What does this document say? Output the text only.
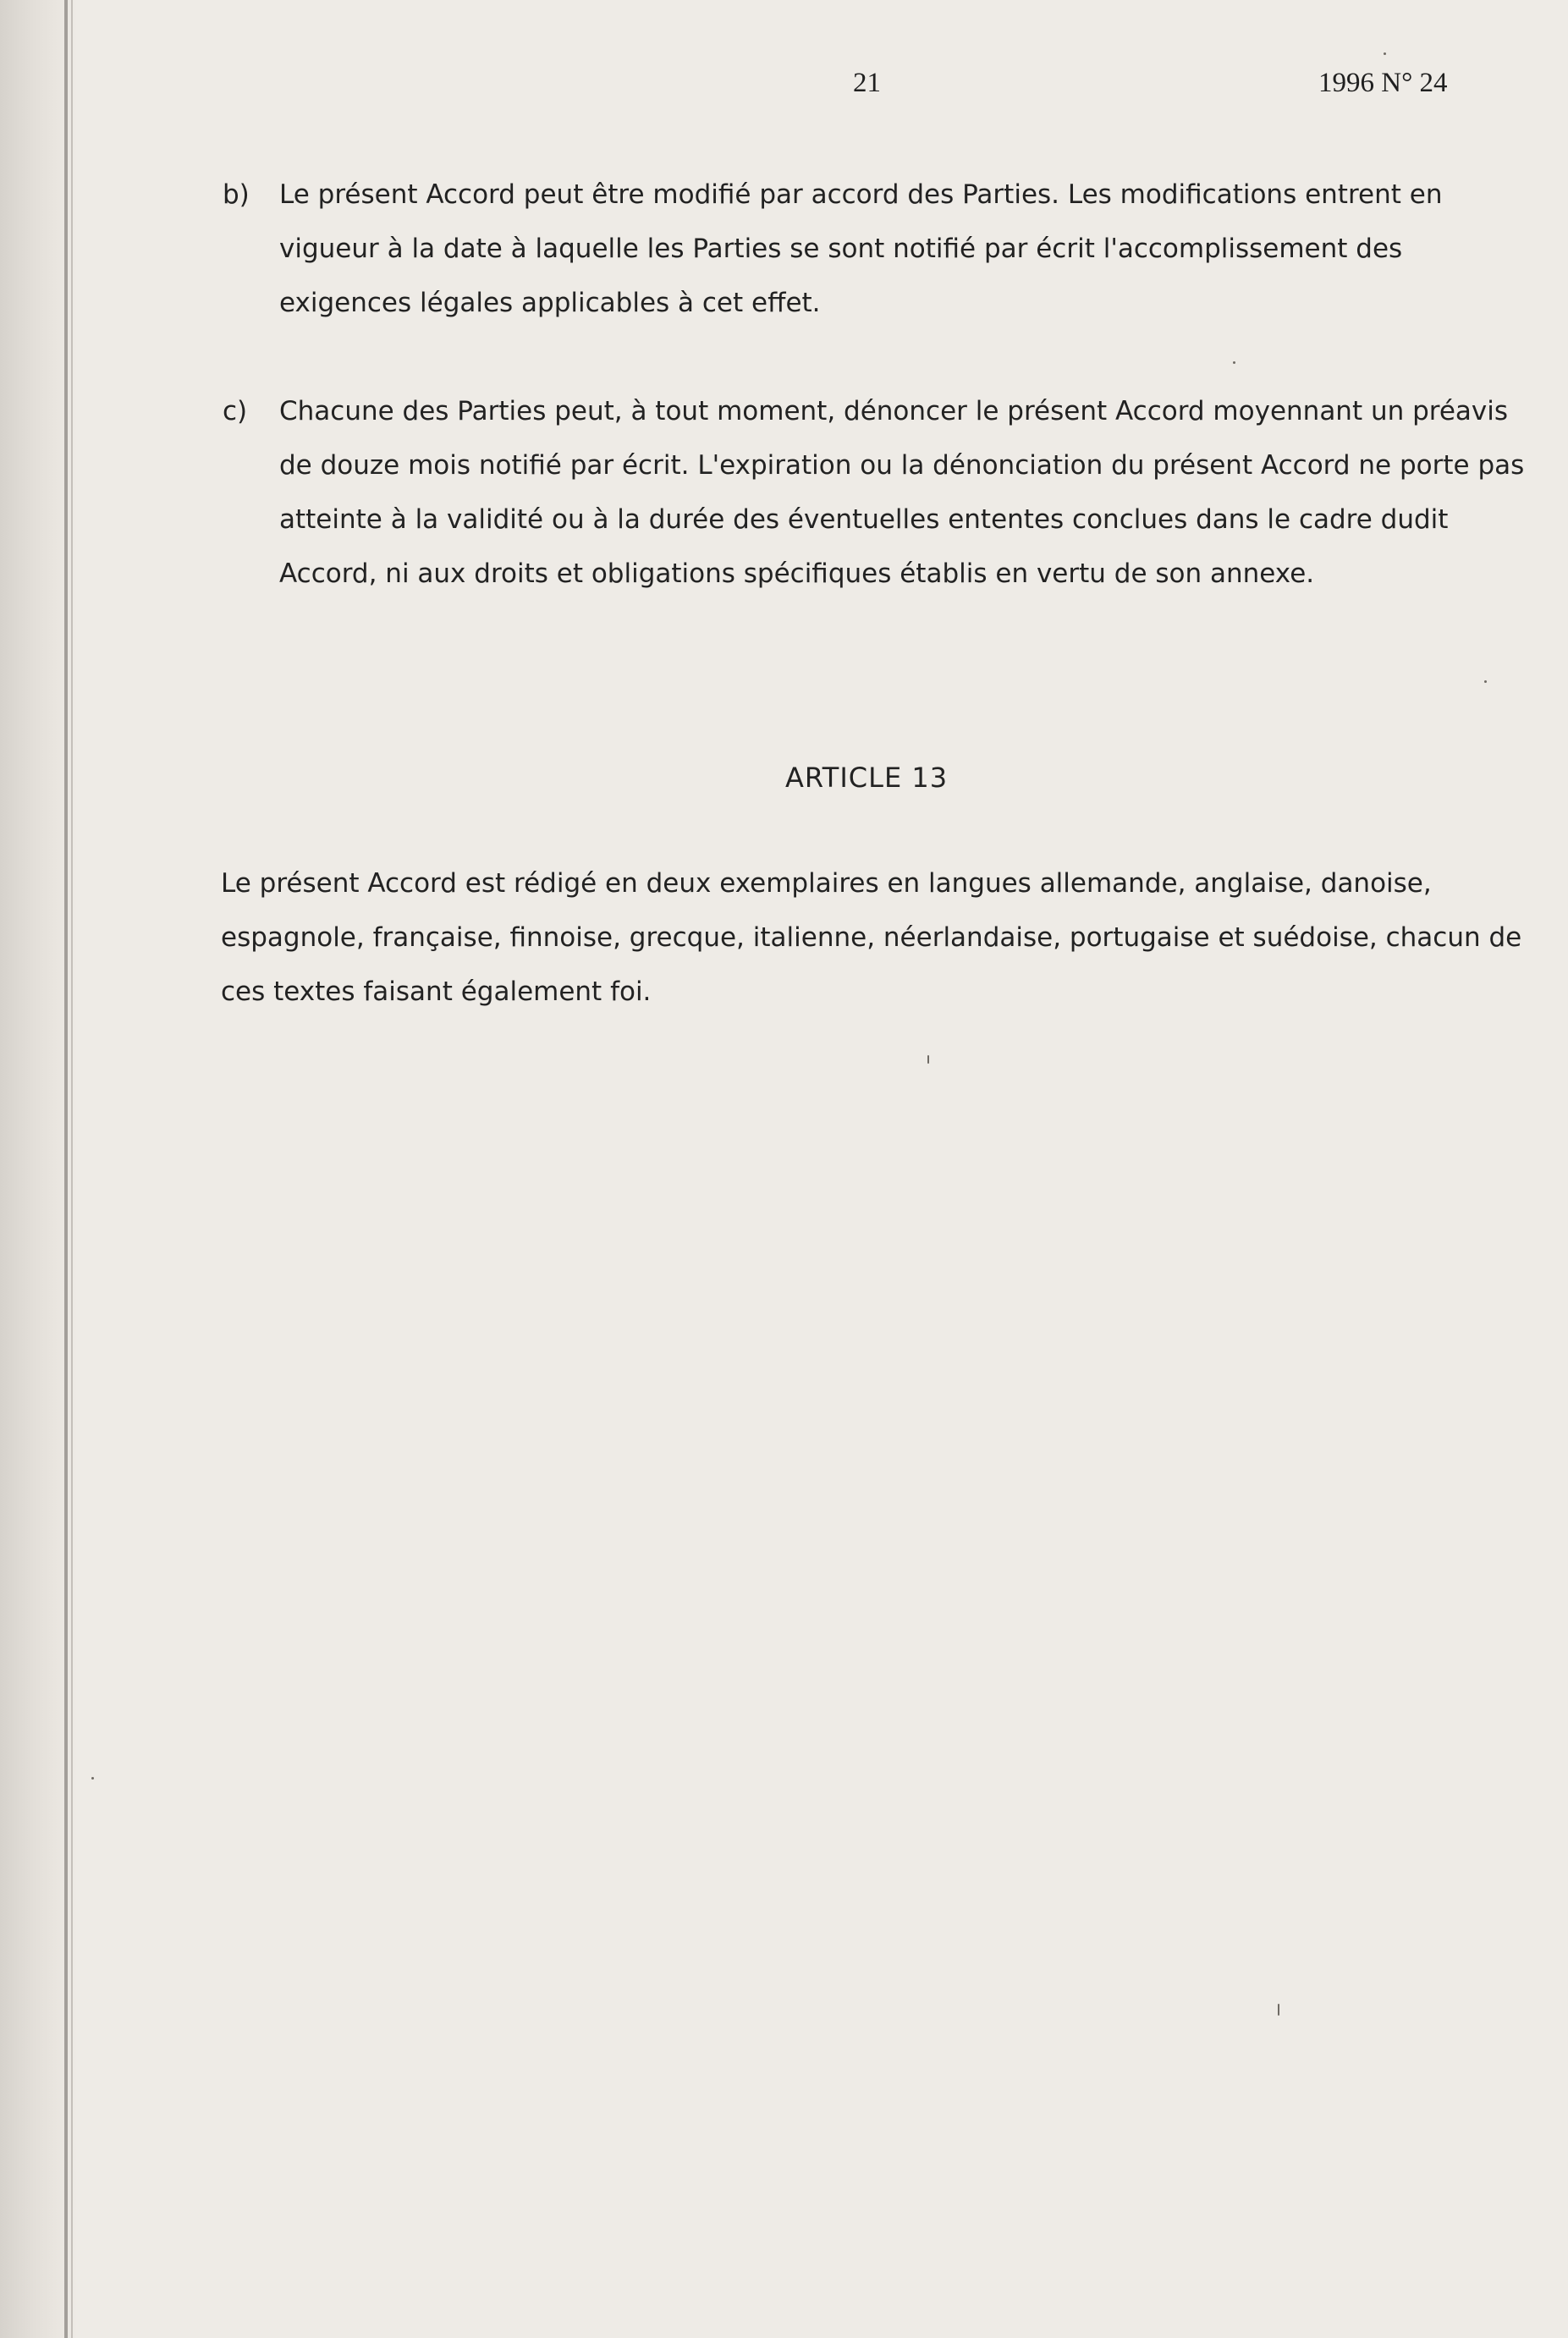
21	1996 N° 24
b) Le présent Accord peut être modifié par accord des Parties. Les modifications entrent en vigueur à la date à laquelle les Parties se sont notifié par écrit l'accomplissement des exigences légales applicables à cet effet.
c) Chacune des Parties peut, à tout moment, dénoncer le présent Accord moyennant un préavis de douze mois notifié par écrit. L'expiration ou la dénonciation du présent Accord ne porte pas atteinte à la validité ou à la durée des éventuelles ententes conclues dans le cadre dudit Accord, ni aux droits et obligations spécifiques établis en vertu de son annexe.
ARTICLE 13
Le présent Accord est rédigé en deux exemplaires en langues allemande, anglaise, danoise, espagnole, française, finnoise, grecque, italienne, néerlandaise, portugaise et suédoise, chacun de ces textes faisant également foi.
